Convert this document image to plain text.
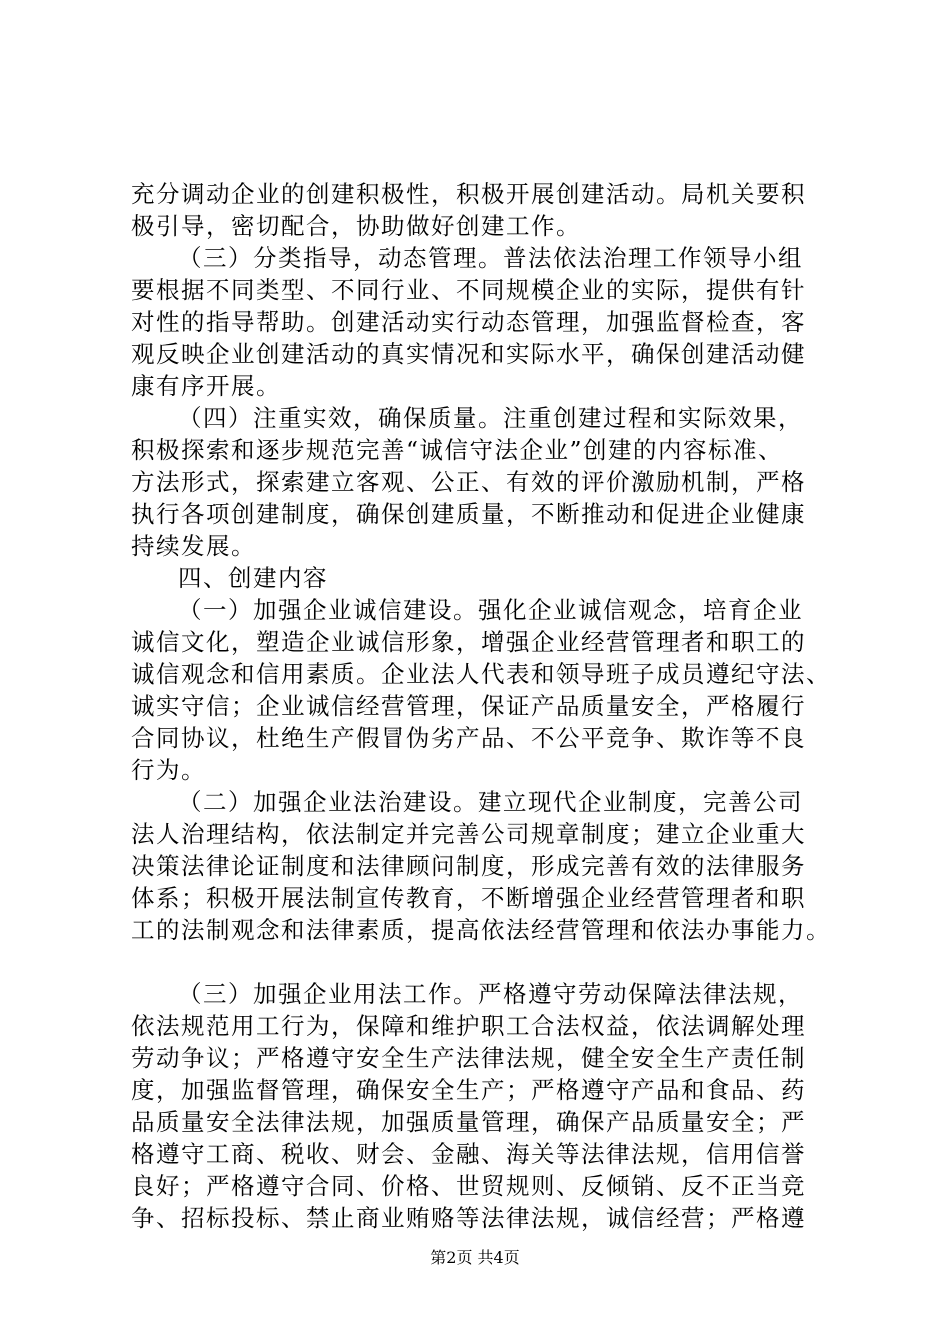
充分调动企业的创建积极性，积极开展创建活动。局机关要积
极引导，密切配合，协助做好创建工作。

（三）分类指导，动态管理。普法依法治理工作领导小组
要根据不同类型、不同行业、不同规模企业的实际，提供有针
对性的指导帮助。创建活动实行动态管理，加强监督检查，客
观反映企业创建活动的真实情况和实际水平，确保创建活动健
康有序开展。

（四）注重实效，确保质量。注重创建过程和实际效果，
积极探索和逐步规范完善“诚信守法企业”创建的内容标准、
方法形式，探索建立客观、公正、有效的评价激励机制，严格
执行各项创建制度，确保创建质量，不断推动和促进企业健康
持续发展。

四、创建内容

（一）加强企业诚信建设。强化企业诚信观念，培育企业
诚信文化，塑造企业诚信形象，增强企业经营管理者和职工的
诚信观念和信用素质。企业法人代表和领导班子成员遵纪守法、
诚实守信；企业诚信经营管理，保证产品质量安全，严格履行
合同协议，杜绝生产假冒伪劣产品、不公平竞争、欺诈等不良
行为。

（二）加强企业法治建设。建立现代企业制度，完善公司
法人治理结构，依法制定并完善公司规章制度；建立企业重大
决策法律论证制度和法律顾问制度，形成完善有效的法律服务
体系；积极开展法制宣传教育，不断增强企业经营管理者和职
工的法制观念和法律素质，提高依法经营管理和依法办事能力。

（三）加强企业用法工作。严格遵守劳动保障法律法规，
依法规范用工行为，保障和维护职工合法权益，依法调解处理
劳动争议；严格遵守安全生产法律法规，健全安全生产责任制
度，加强监督管理，确保安全生产；严格遵守产品和食品、药
品质量安全法律法规，加强质量管理，确保产品质量安全；严
格遵守工商、税收、财会、金融、海关等法律法规，信用信誉
良好；严格遵守合同、价格、世贸规则、反倾销、反不正当竞
争、招标投标、禁止商业贿赂等法律法规，诚信经营；严格遵

第2页 共4页
